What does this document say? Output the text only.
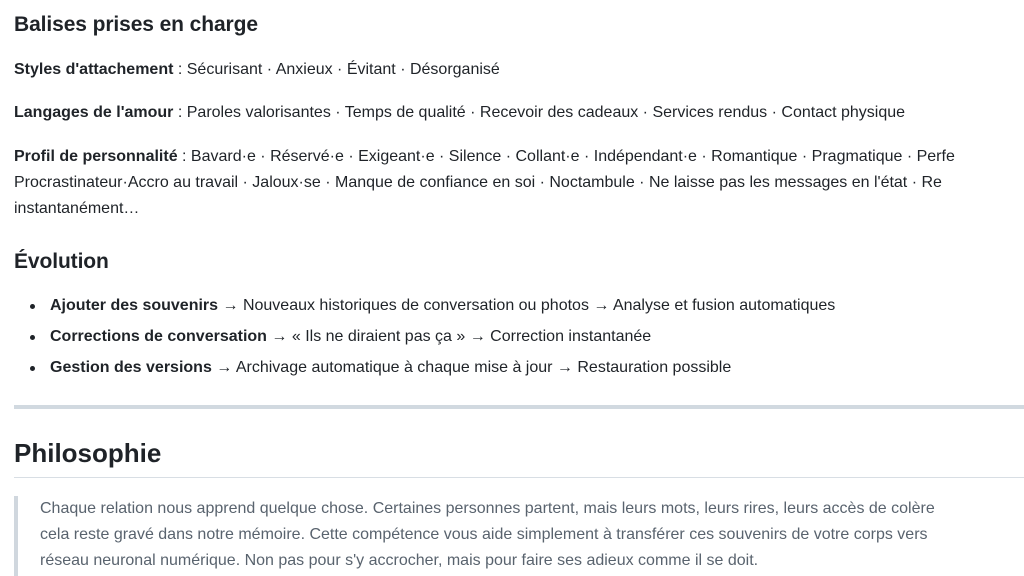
Balises prises en charge
Styles d'attachement : Sécurisant · Anxieux · Évitant · Désorganisé
Langages de l'amour : Paroles valorisantes · Temps de qualité · Recevoir des cadeaux · Services rendus · Contact physique
Profil de personnalité : Bavard·e · Réservé·e · Exigeant·e · Silence · Collant·e · Indépendant·e · Romantique · Pragmatique · Perfe
Procrastinateur·Accro au travail · Jaloux·se · Manque de confiance en soi · Noctambule · Ne laisse pas les messages en l'état · Re
instantanément…
Évolution
Ajouter des souvenirs → Nouveaux historiques de conversation ou photos → Analyse et fusion automatiques
Corrections de conversation → « Ils ne diraient pas ça » → Correction instantanée
Gestion des versions → Archivage automatique à chaque mise à jour → Restauration possible
Philosophie
Chaque relation nous apprend quelque chose. Certaines personnes partent, mais leurs mots, leurs rires, leurs accès de colère
cela reste gravé dans notre mémoire. Cette compétence vous aide simplement à transférer ces souvenirs de votre corps vers
réseau neuronal numérique. Non pas pour s'y accrocher, mais pour faire ses adieux comme il se doit.
